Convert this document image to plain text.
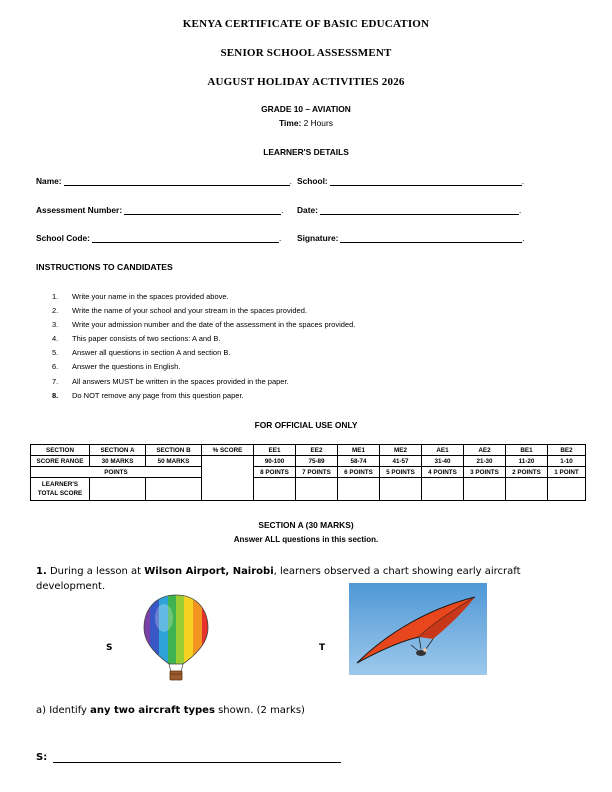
KENYA CERTIFICATE OF BASIC EDUCATION
SENIOR SCHOOL ASSESSMENT
AUGUST HOLIDAY ACTIVITIES 2026
GRADE 10 – AVIATION
Time: 2 Hours
LEARNER'S DETAILS
Name:	. School:	.
Assessment Number:	. Date:	.
School Code:	. Signature:	.
INSTRUCTIONS TO CANDIDATES
1. Write your name in the spaces provided above.
2. Write the name of your school and your stream in the spaces provided.
3. Write your admission number and the date of the assessment in the spaces provided.
4. This paper consists of two sections: A and B.
5. Answer all questions in section A and section B.
6. Answer the questions in English.
7. All answers MUST be written in the spaces provided in the paper.
8. Do NOT remove any page from this question paper.
FOR OFFICIAL USE ONLY
SECTION	SECTION A	SECTION B	% SCORE	EE1	EE2	ME1	ME2	AE1	AE2	BE1	BE2
SCORE RANGE	30 MARKS	50 MARKS		90-100	75-89	58-74	41-57	31-40	21-30	11-20	1-10
POINTS				8 POINTS	7 POINTS	6 POINTS	5 POINTS	4 POINTS	3 POINTS	2 POINTS	1 POINT
LEARNER'S TOTAL SCORE											
SECTION A (30 MARKS)
Answer ALL questions in this section.
1. During a lesson at Wilson Airport, Nairobi, learners observed a chart showing early aircraft development.
S	T
a) Identify any two aircraft types shown. (2 marks)
S:
